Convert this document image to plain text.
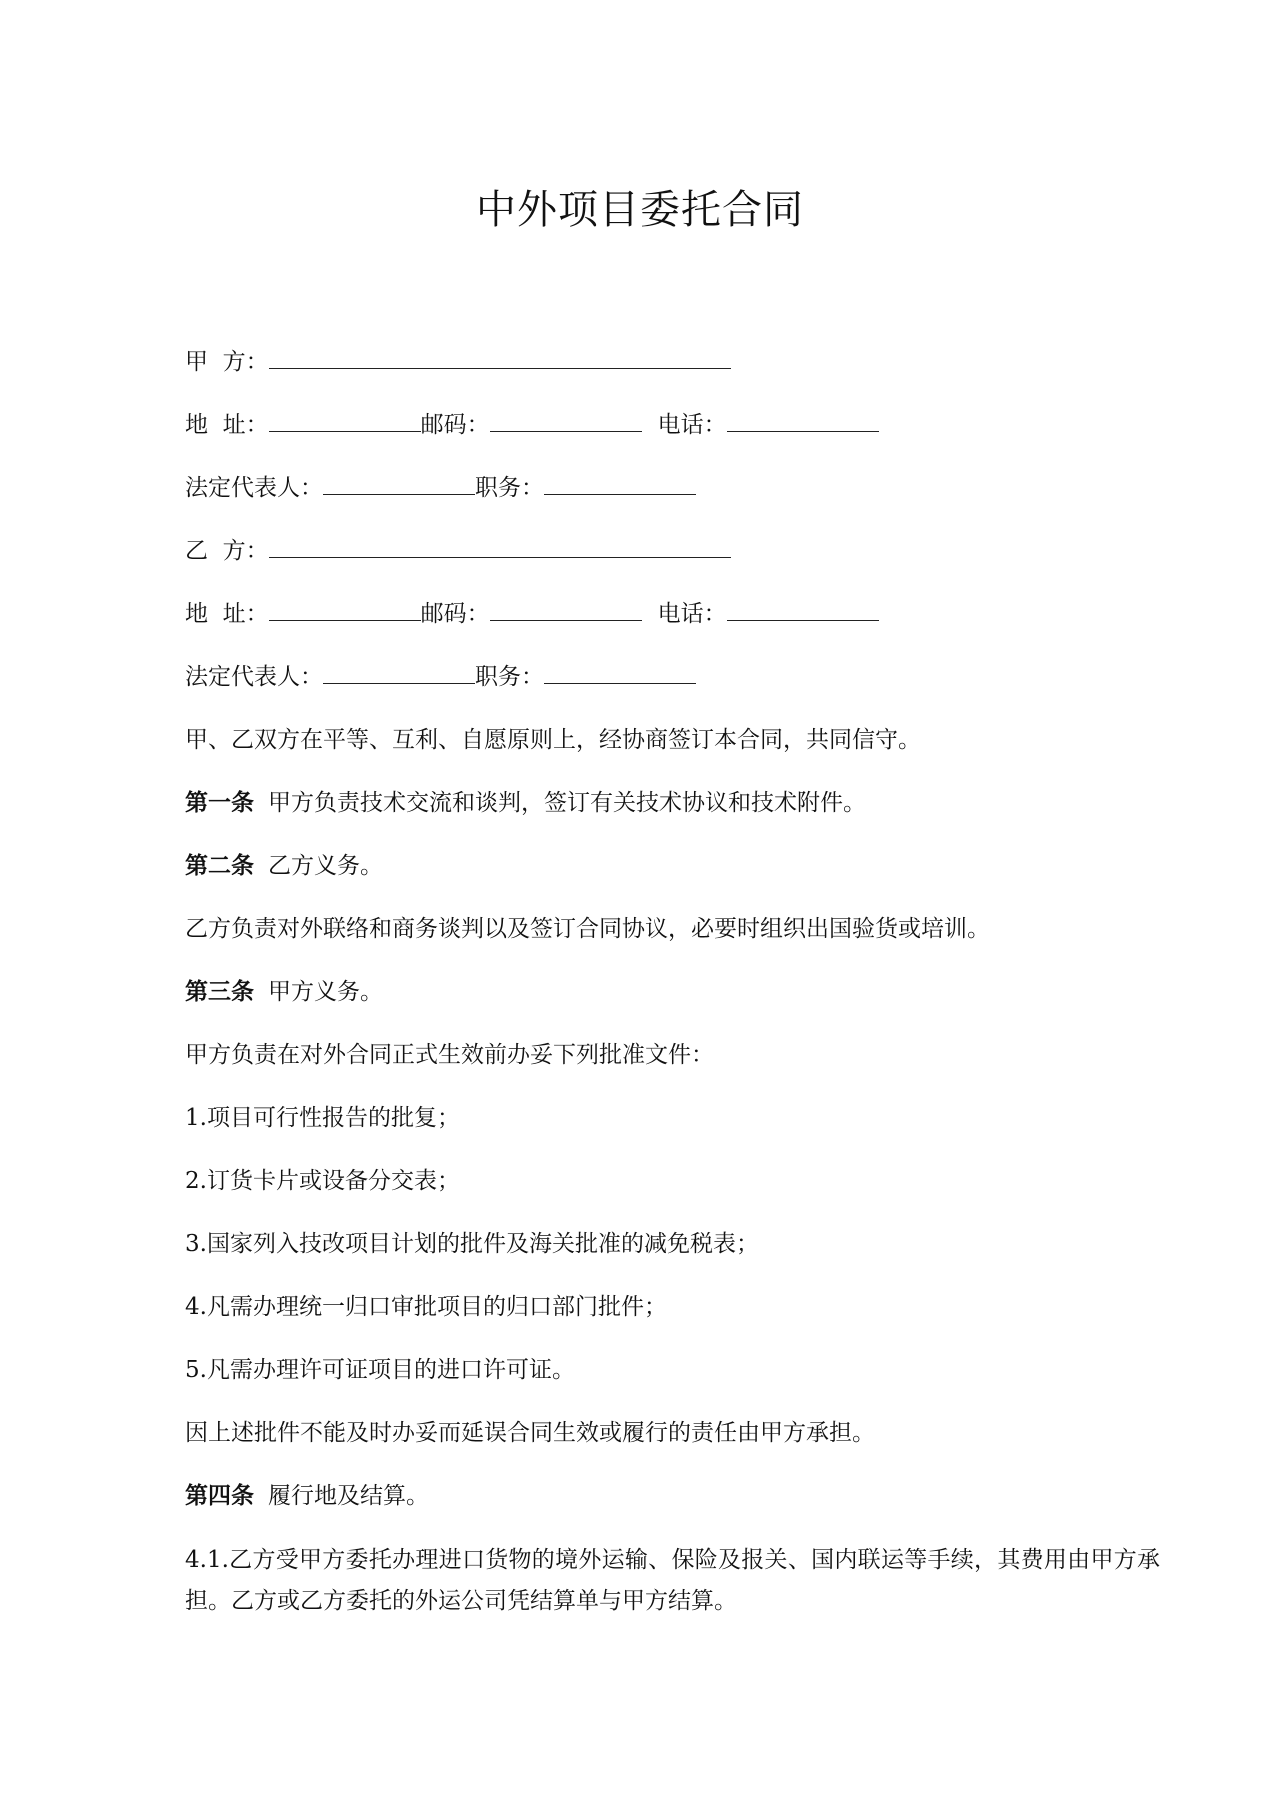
中外项目委托合同
甲  方：
地  址：	邮码：	电话：
法定代表人：	职务：
乙  方：
地  址：	邮码：	电话：
法定代表人：	职务：
甲、乙双方在平等、互利、自愿原则上，经协商签订本合同，共同信守。
第一条 甲方负责技术交流和谈判，签订有关技术协议和技术附件。
第二条 乙方义务。
乙方负责对外联络和商务谈判以及签订合同协议，必要时组织出国验货或培训。
第三条 甲方义务。
甲方负责在对外合同正式生效前办妥下列批准文件：
1.项目可行性报告的批复；
2.订货卡片或设备分交表；
3.国家列入技改项目计划的批件及海关批准的减免税表；
4.凡需办理统一归口审批项目的归口部门批件；
5.凡需办理许可证项目的进口许可证。
因上述批件不能及时办妥而延误合同生效或履行的责任由甲方承担。
第四条 履行地及结算。
4.1.乙方受甲方委托办理进口货物的境外运输、保险及报关、国内联运等手续，其费用由甲方承担。乙方或乙方委托的外运公司凭结算单与甲方结算。
